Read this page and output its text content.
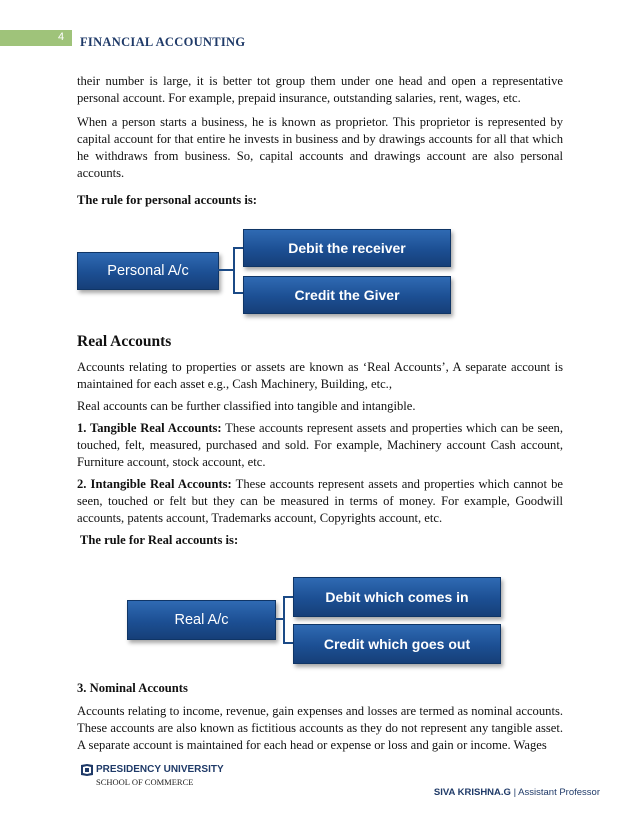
4 FINANCIAL ACCOUNTING

their number is large, it is better tot group them under one head and open a representative personal account. For example, prepaid insurance, outstanding salaries, rent, wages, etc.

When a person starts a business, he is known as proprietor. This proprietor is represented by capital account for that entire he invests in business and by drawings accounts for all that which he withdraws from business. So, capital accounts and drawings account are also personal accounts.

The rule for personal accounts is:

Personal A/c
Debit the receiver
Credit the Giver
Real Accounts

Accounts relating to properties or assets are known as ‘Real Accounts’, A separate account is maintained for each asset e.g., Cash Machinery, Building, etc.,

Real accounts can be further classified into tangible and intangible.

1. Tangible Real Accounts: These accounts represent assets and properties which can be seen, touched, felt, measured, purchased and sold. For example, Machinery account Cash account, Furniture account, stock account, etc.

2. Intangible Real Accounts: These accounts represent assets and properties which cannot be seen, touched or felt but they can be measured in terms of money. For example, Goodwill accounts, patents account, Trademarks account, Copyrights account, etc.

The rule for Real accounts is:

Real A/c
Debit which comes in
Credit which goes out

3. Nominal Accounts

Accounts relating to income, revenue, gain expenses and losses are termed as nominal accounts. These accounts are also known as fictitious accounts as they do not represent any tangible asset. A separate account is maintained for each head or expense or loss and gain or income. Wages

PRESIDENCY UNIVERSITY
SCHOOL OF COMMERCE
SIVA KRISHNA.G | Assistant Professor
